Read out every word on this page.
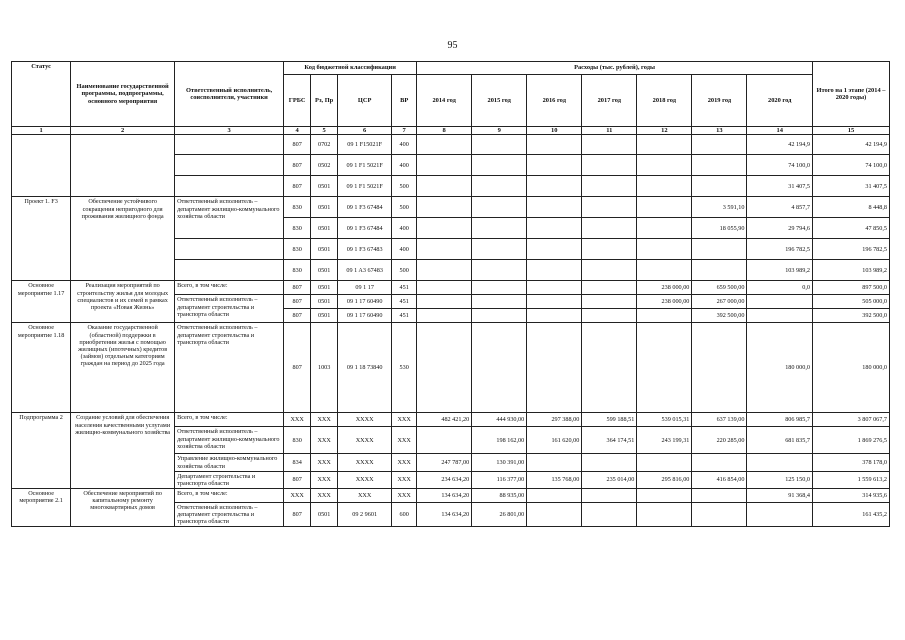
95
Статус	Наименование государственной программы, подпрограммы, основного мероприятия	Ответственный исполнитель, соисполнители, участники	Код бюджетной классификации				Расходы (тыс. рублей), годы							Итого на 1 этапе (2014 – 2020 годы)
			ГРБС	Рз, Пр	ЦСР	ВР	2014 год	2015 год	2016 год	2017 год	2018 год	2019 год	2020 год	
1	2	3	4	5	6	7	8	9	10	11	12	13	14	15
			807	0702	09 1 F15021F	400							42 194,9	42 194,9
			807	0502	09 1 F1 5021F	400							74 100,0	74 100,0
			807	0501	09 1 F1 5021F	500							31 407,5	31 407,5
Проект 1. F3	Обеспечение устойчивого сокращения непригодного для проживания жилищного фонда	Ответственный исполнитель – департамент жилищно-коммунального хозяйства области	830	0501	09 1 F3 67484	500						3 591,10	4 857,7	8 448,8
			830	0501	09 1 F3 67484	400						18 055,90	29 794,6	47 850,5
			830	0501	09 1 F3 67483	400							196 782,5	196 782,5
			830	0501	09 1 A3 67483	500							103 989,2	103 989,2
Основное мероприятие 1.17	Реализация мероприятий по строительству жилья для молодых специалистов и их семей в рамках проекта «Новая Жизнь»	Всего, в том числе:	807	0501	09 1 17	451					238 000,00	659 500,00	0,0	897 500,0
		Ответственный исполнитель – департамент строительства и транспорта области	807	0501	09 1 17 60490	451					238 000,00	267 000,00		505 000,0
			807	0501	09 1 17 60490	451						392 500,00		392 500,0
Основное мероприятие 1.18	Оказание государственной (областной) поддержки в приобретении жилья с помощью жилищных (ипотечных) кредитов (займов) отдельным категориям граждан на период до 2025 года	Ответственный исполнитель – департамент строительства и транспорта области	807	1003	09 1 18 73840	530							180 000,0	180 000,0
Подпрограмма 2	Создание условий для обеспечения населения качественными услугами жилищно-коммунального хозяйства	Всего, в том числе:	ХХХ	ХХХ	ХХХХ	ХХХ	482 421,20	444 930,00	297 388,00	599 188,51	539 015,31	637 139,00	806 985,7	3 807 067,7
		Ответственный исполнитель – департамент жилищно-коммунального хозяйства области	830	ХХХ	ХХХХ	ХХХ		198 162,00	161 620,00	364 174,51	243 199,31	220 285,00	681 835,7	1 869 276,5
		Управление жилищно-коммунального хозяйства области	834	ХХХ	ХХХХ	ХХХ	247 787,00	130 391,00						378 178,0
		Департамент строительства и транспорта области	807	ХХХ	ХХХХ	ХХХ	234 634,20	116 377,00	135 768,00	235 014,00	295 816,00	416 854,00	125 150,0	1 559 613,2
Основное мероприятие 2.1	Обеспечение мероприятий по капитальному ремонту многоквартирных домов	Всего, в том числе:	ХХХ	ХХХ	ХХХ	ХХХ	134 634,20	88 935,00					91 368,4	314 935,6
		Ответственный исполнитель – департамент строительства и транспорта области	807	0501	09 2 9601	600	134 634,20	26 801,00						161 435,2
